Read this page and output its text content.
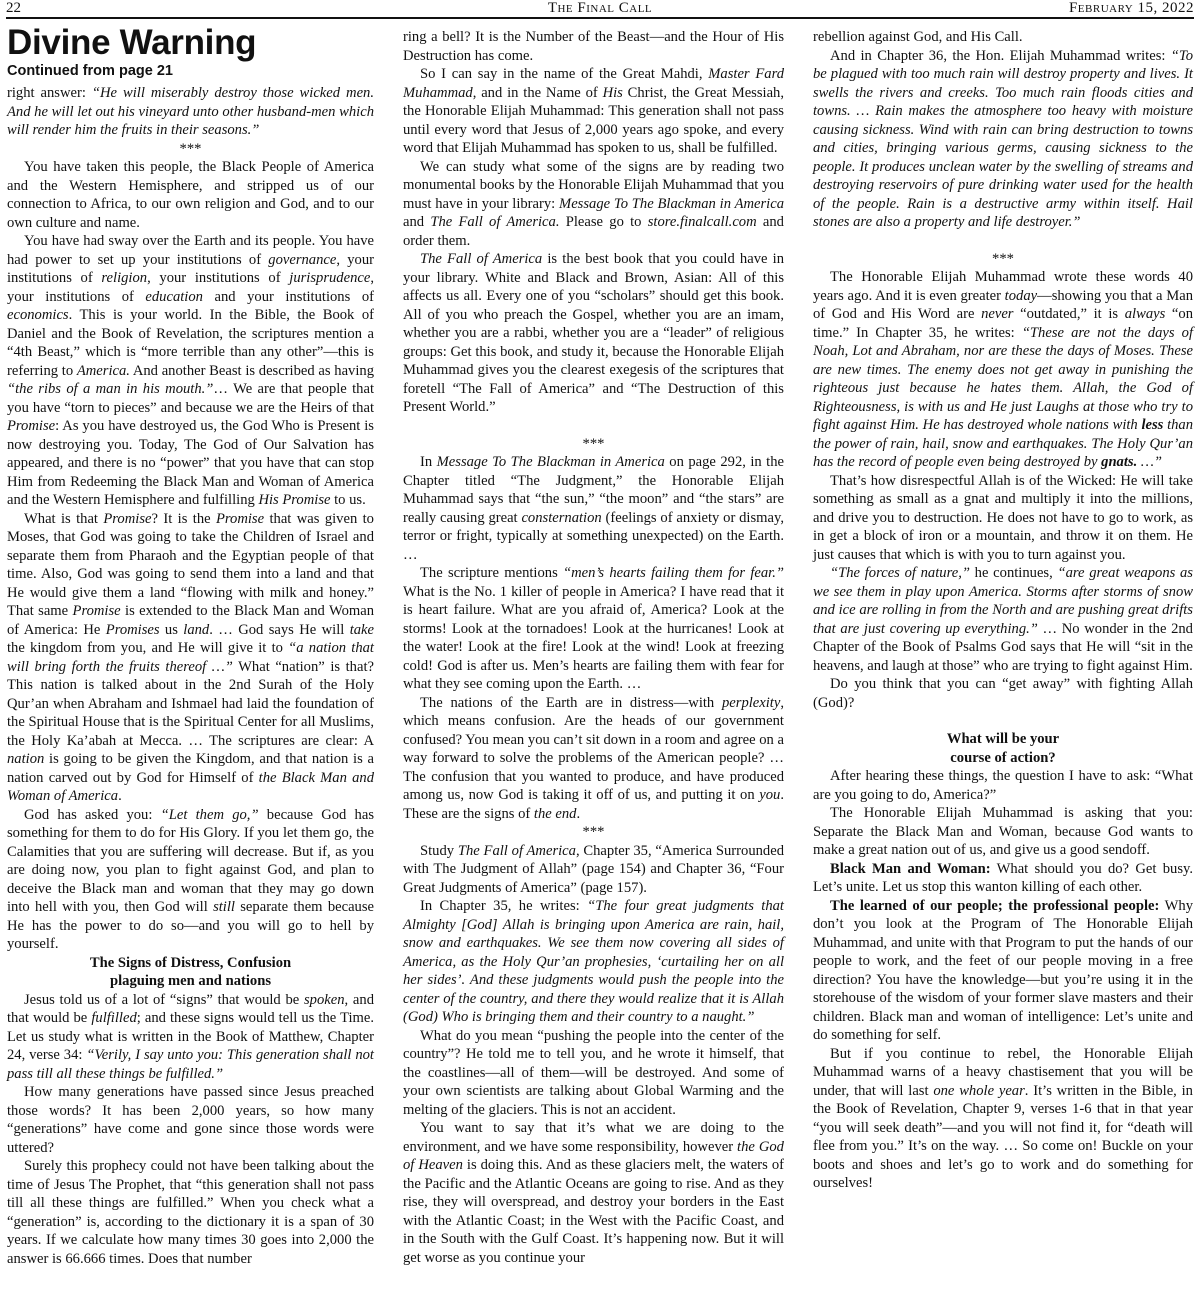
22	The Final Call	February 15, 2022
Divine Warning
Continued from page 21

right answer: “He will miserably destroy those wicked men. And he will let out his vineyard unto other husband-men which will render him the fruits in their seasons.”

***

You have taken this people, the Black People of America and the Western Hemisphere, and stripped us of our connection to Africa, to our own religion and God, and to our own culture and name.

You have had sway over the Earth and its people. You have had power to set up your institutions of governance, your institutions of religion, your institutions of jurisprudence, your institutions of education and your institutions of economics. This is your world. In the Bible, the Book of Daniel and the Book of Revelation, the scriptures mention a “4th Beast,” which is “more terrible than any other”—this is referring to America. And another Beast is described as having “the ribs of a man in his mouth.”… We are that people that you have “torn to pieces” and because we are the Heirs of that Promise: As you have destroyed us, the God Who is Present is now destroying you. Today, The God of Our Salvation has appeared, and there is no “power” that you have that can stop Him from Redeeming the Black Man and Woman of America and the Western Hemisphere and fulfilling His Promise to us.

What is that Promise? It is the Promise that was given to Moses, that God was going to take the Children of Israel and separate them from Pharaoh and the Egyptian people of that time. Also, God was going to send them into a land and that He would give them a land “flowing with milk and honey.” That same Promise is extended to the Black Man and Woman of America: He Promises us land. … God says He will take the kingdom from you, and He will give it to “a nation that will bring forth the fruits thereof …” What “nation” is that? This nation is talked about in the 2nd Surah of the Holy Qur’an when Abraham and Ishmael had laid the foundation of the Spiritual House that is the Spiritual Center for all Muslims, the Holy Ka’abah at Mecca. … The scriptures are clear: A nation is going to be given the Kingdom, and that nation is a nation carved out by God for Himself of the Black Man and Woman of America.

God has asked you: “Let them go,” because God has something for them to do for His Glory. If you let them go, the Calamities that you are suffering will decrease. But if, as you are doing now, you plan to fight against God, and plan to deceive the Black man and woman that they may go down into hell with you, then God will still separate them because He has the power to do so—and you will go to hell by yourself.

The Signs of Distress, Confusion
plaguing men and nations

Jesus told us of a lot of “signs” that would be spoken, and that would be fulfilled; and these signs would tell us the Time. Let us study what is written in the Book of Matthew, Chapter 24, verse 34: “Verily, I say unto you: This generation shall not pass till all these things be fulfilled.”

How many generations have passed since Jesus preached those words? It has been 2,000 years, so how many “generations” have come and gone since those words were uttered?

Surely this prophecy could not have been talking about the time of Jesus The Prophet, that “this generation shall not pass till all these things are fulfilled.” When you check what a “generation” is, according to the dictionary it is a span of 30 years. If we calculate how many times 30 goes into 2,000 the answer is 66.666 times. Does that number

ring a bell? It is the Number of the Beast—and the Hour of His Destruction has come.

So I can say in the name of the Great Mahdi, Master Fard Muhammad, and in the Name of His Christ, the Great Messiah, the Honorable Elijah Muhammad: This generation shall not pass until every word that Jesus of 2,000 years ago spoke, and every word that Elijah Muhammad has spoken to us, shall be fulfilled.

We can study what some of the signs are by reading two monumental books by the Honorable Elijah Muhammad that you must have in your library: Message To The Blackman in America and The Fall of America. Please go to store.finalcall.com and order them.

The Fall of America is the best book that you could have in your library. White and Black and Brown, Asian: All of this affects us all. Every one of you “scholars” should get this book. All of you who preach the Gospel, whether you are an imam, whether you are a rabbi, whether you are a “leader” of religious groups: Get this book, and study it, because the Honorable Elijah Muhammad gives you the clearest exegesis of the scriptures that foretell “The Fall of America” and “The Destruction of this Present World.”

***

In Message To The Blackman in America on page 292, in the Chapter titled “The Judgment,” the Honorable Elijah Muhammad says that “the sun,” “the moon” and “the stars” are really causing great consternation (feelings of anxiety or dismay, terror or fright, typically at something unexpected) on the Earth. …

The scripture mentions “men’s hearts failing them for fear.” What is the No. 1 killer of people in America? I have read that it is heart failure. What are you afraid of, America? Look at the storms! Look at the tornadoes! Look at the hurricanes! Look at the water! Look at the fire! Look at the wind! Look at freezing cold! God is after us. Men’s hearts are failing them with fear for what they see coming upon the Earth. …

The nations of the Earth are in distress—with perplexity, which means confusion. Are the heads of our government confused? You mean you can’t sit down in a room and agree on a way forward to solve the problems of the American people? … The confusion that you wanted to produce, and have produced among us, now God is taking it off of us, and putting it on you. These are the signs of the end.

***

Study The Fall of America, Chapter 35, “America Surrounded with The Judgment of Allah” (page 154) and Chapter 36, “Four Great Judgments of America” (page 157).

In Chapter 35, he writes: “The four great judgments that Almighty [God] Allah is bringing upon America are rain, hail, snow and earthquakes. We see them now covering all sides of America, as the Holy Qur’an prophesies, ‘curtailing her on all her sides’. And these judgments would push the people into the center of the country, and there they would realize that it is Allah (God) Who is bringing them and their country to a naught.”

What do you mean “pushing the people into the center of the country”? He told me to tell you, and he wrote it himself, that the coastlines—all of them—will be destroyed. And some of your own scientists are talking about Global Warming and the melting of the glaciers. This is not an accident.

You want to say that it’s what we are doing to the environment, and we have some responsibility, however the God of Heaven is doing this. And as these glaciers melt, the waters of the Pacific and the Atlantic Oceans are going to rise. And as they rise, they will overspread, and destroy your borders in the East with the Atlantic Coast; in the West with the Pacific Coast, and in the South with the Gulf Coast. It’s happening now. But it will get worse as you continue your

rebellion against God, and His Call.

And in Chapter 36, the Hon. Elijah Muhammad writes: “To be plagued with too much rain will destroy property and lives. It swells the rivers and creeks. Too much rain floods cities and towns. … Rain makes the atmosphere too heavy with moisture causing sickness. Wind with rain can bring destruction to towns and cities, bringing various germs, causing sickness to the people. It produces unclean water by the swelling of streams and destroying reservoirs of pure drinking water used for the health of the people. Rain is a destructive army within itself. Hail stones are also a property and life destroyer.”

***

The Honorable Elijah Muhammad wrote these words 40 years ago. And it is even greater today—showing you that a Man of God and His Word are never “outdated,” it is always “on time.” In Chapter 35, he writes: “These are not the days of Noah, Lot and Abraham, nor are these the days of Moses. These are new times. The enemy does not get away in punishing the righteous just because he hates them. Allah, the God of Righteousness, is with us and He just Laughs at those who try to fight against Him. He has destroyed whole nations with less than the power of rain, hail, snow and earthquakes. The Holy Qur’an has the record of people even being destroyed by gnats. …”

That’s how disrespectful Allah is of the Wicked: He will take something as small as a gnat and multiply it into the millions, and drive you to destruction. He does not have to go to work, as in get a block of iron or a mountain, and throw it on them. He just causes that which is with you to turn against you.

“The forces of nature,” he continues, “are great weapons as we see them in play upon America. Storms after storms of snow and ice are rolling in from the North and are pushing great drifts that are just covering up everything.” … No wonder in the 2nd Chapter of the Book of Psalms God says that He will “sit in the heavens, and laugh at those” who are trying to fight against Him.

Do you think that you can “get away” with fighting Allah (God)?

What will be your
course of action?

After hearing these things, the question I have to ask: “What are you going to do, America?”

The Honorable Elijah Muhammad is asking that you: Separate the Black Man and Woman, because God wants to make a great nation out of us, and give us a good sendoff.

Black Man and Woman: What should you do? Get busy. Let’s unite. Let us stop this wanton killing of each other.

The learned of our people; the professional people: Why don’t you look at the Program of The Honorable Elijah Muhammad, and unite with that Program to put the hands of our people to work, and the feet of our people moving in a free direction? You have the knowledge—but you’re using it in the storehouse of the wisdom of your former slave masters and their children. Black man and woman of intelligence: Let’s unite and do something for self.

But if you continue to rebel, the Honorable Elijah Muhammad warns of a heavy chastisement that you will be under, that will last one whole year. It’s written in the Bible, in the Book of Revelation, Chapter 9, verses 1-6 that in that year “you will seek death”—and you will not find it, for “death will flee from you.” It’s on the way. … So come on! Buckle on your boots and shoes and let’s go to work and do something for ourselves!
